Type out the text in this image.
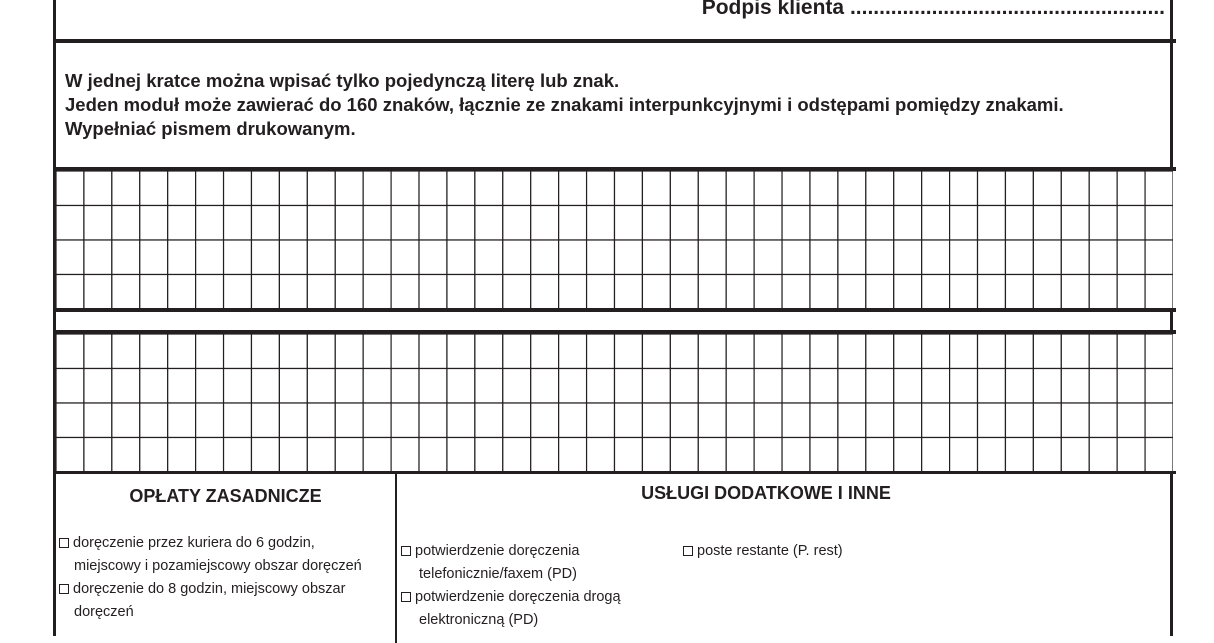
Podpis klienta ......................................................
W jednej kratce można wpisać tylko pojedynczą literę lub znak.
Jeden moduł może zawierać do 160 znaków, łącznie ze znakami interpunkcyjnymi i odstępami pomiędzy znakami.
Wypełniać pismem drukowanym.
OPŁATY ZASADNICZE	USŁUGI DODATKOWE I INNE
doręczenie przez kuriera do 6 godzin,
miejscowy i pozamiejscowy obszar doręczeń
doręczenie do 8 godzin, miejscowy obszar
doręczeń
potwierdzenie doręczenia
telefonicznie/faxem (PD)
potwierdzenie doręczenia drogą
elektroniczną (PD)
poste restante (P. rest)
